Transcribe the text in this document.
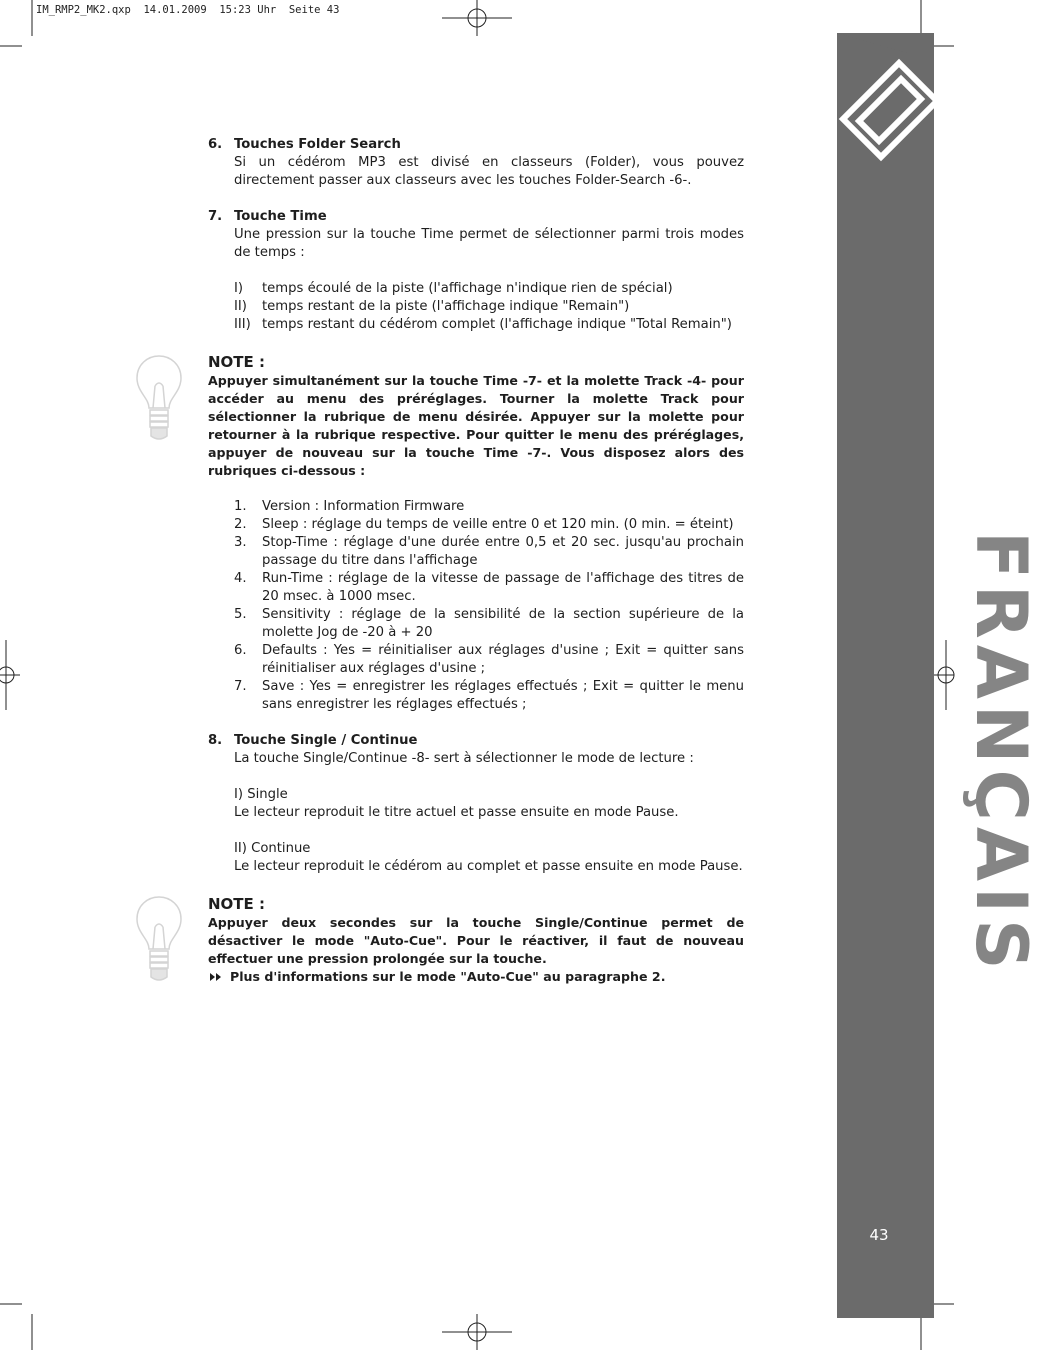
IM_RMP2_MK2.qxp  14.01.2009  15:23 Uhr  Seite 43
FRANÇAIS
43
6. Touches Folder Search
Si un cédérom MP3 est divisé en classeurs (Folder), vous pouvez directement passer aux classeurs avec les touches Folder-Search -6-.
7. Touche Time
Une pression sur la touche Time permet de sélectionner parmi trois modes de temps :
I)	temps écoulé de la piste (l'affichage n'indique rien de spécial)
II)	temps restant de la piste (l'affichage indique "Remain")
III) temps restant du cédérom complet (l'affichage indique "Total Remain")
NOTE :
Appuyer simultanément sur la touche Time -7- et la molette Track -4- pour accéder au menu des préréglages. Tourner la molette Track pour sélectionner la rubrique de menu désirée. Appuyer sur la molette pour retourner à la rubrique respective. Pour quitter le menu des préréglages, appuyer de nouveau sur la touche Time -7-. Vous disposez alors des rubriques ci-dessous :
1.	Version : Information Firmware
2.	Sleep : réglage du temps de veille entre 0 et 120 min. (0 min. = éteint)
3.	Stop-Time : réglage d'une durée entre 0,5 et 20 sec. jusqu'au prochain passage du titre dans l'affichage
4.	Run-Time : réglage de la vitesse de passage de l'affichage des titres de 20 msec. à 1000 msec.
5.	Sensitivity : réglage de la sensibilité de la section supérieure de la molette Jog de -20 à + 20
6.	Defaults : Yes = réinitialiser aux réglages d'usine ; Exit = quitter sans réinitialiser aux réglages d'usine ;
7.	Save : Yes = enregistrer les réglages effectués ; Exit = quitter le menu sans enregistrer les réglages effectués ;
8. Touche Single / Continue
La touche Single/Continue -8- sert à sélectionner le mode de lecture :
I) Single
Le lecteur reproduit le titre actuel et passe ensuite en mode Pause.
II) Continue
Le lecteur reproduit le cédérom au complet et passe ensuite en mode Pause.
NOTE :
Appuyer deux secondes sur la touche Single/Continue permet de désactiver le mode "Auto-Cue". Pour le réactiver, il faut de nouveau effectuer une pression prolongée sur la touche.
Plus d'informations sur le mode "Auto-Cue" au paragraphe 2.
